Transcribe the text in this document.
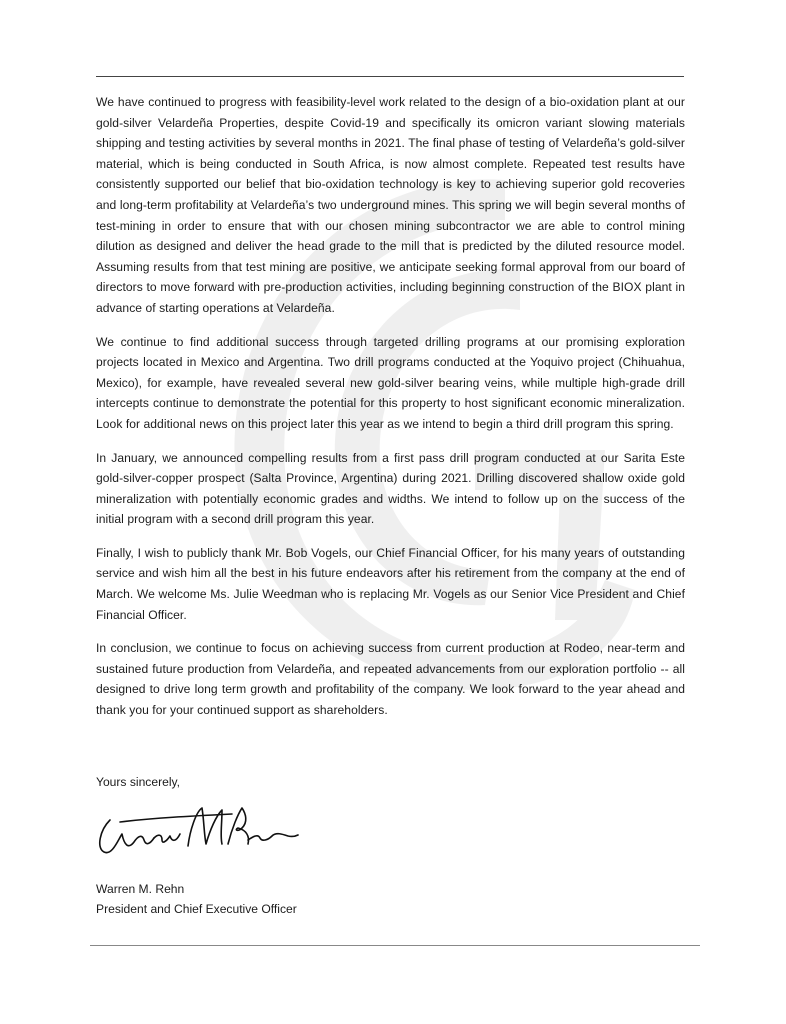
We have continued to progress with feasibility-level work related to the design of a bio-oxidation plant at our gold-silver Velardeña Properties, despite Covid-19 and specifically its omicron variant slowing materials shipping and testing activities by several months in 2021. The final phase of testing of Velardeña’s gold-silver material, which is being conducted in South Africa, is now almost complete. Repeated test results have consistently supported our belief that bio-oxidation technology is key to achieving superior gold recoveries and long-term profitability at Velardeña’s two underground mines. This spring we will begin several months of test-mining in order to ensure that with our chosen mining subcontractor we are able to control mining dilution as designed and deliver the head grade to the mill that is predicted by the diluted resource model. Assuming results from that test mining are positive, we anticipate seeking formal approval from our board of directors to move forward with pre-production activities, including beginning construction of the BIOX plant in advance of starting operations at Velardeña.

We continue to find additional success through targeted drilling programs at our promising exploration projects located in Mexico and Argentina. Two drill programs conducted at the Yoquivo project (Chihuahua, Mexico), for example, have revealed several new gold-silver bearing veins, while multiple high-grade drill intercepts continue to demonstrate the potential for this property to host significant economic mineralization. Look for additional news on this project later this year as we intend to begin a third drill program this spring.

In January, we announced compelling results from a first pass drill program conducted at our Sarita Este gold-silver-copper prospect (Salta Province, Argentina) during 2021. Drilling discovered shallow oxide gold mineralization with potentially economic grades and widths. We intend to follow up on the success of the initial program with a second drill program this year.

Finally, I wish to publicly thank Mr. Bob Vogels, our Chief Financial Officer, for his many years of outstanding service and wish him all the best in his future endeavors after his retirement from the company at the end of March. We welcome Ms. Julie Weedman who is replacing Mr. Vogels as our Senior Vice President and Chief Financial Officer.

In conclusion, we continue to focus on achieving success from current production at Rodeo, near-term and sustained future production from Velardeña, and repeated advancements from our exploration portfolio -- all designed to drive long term growth and profitability of the company. We look forward to the year ahead and thank you for your continued support as shareholders.

Yours sincerely,
Warren M. Rehn
President and Chief Executive Officer
